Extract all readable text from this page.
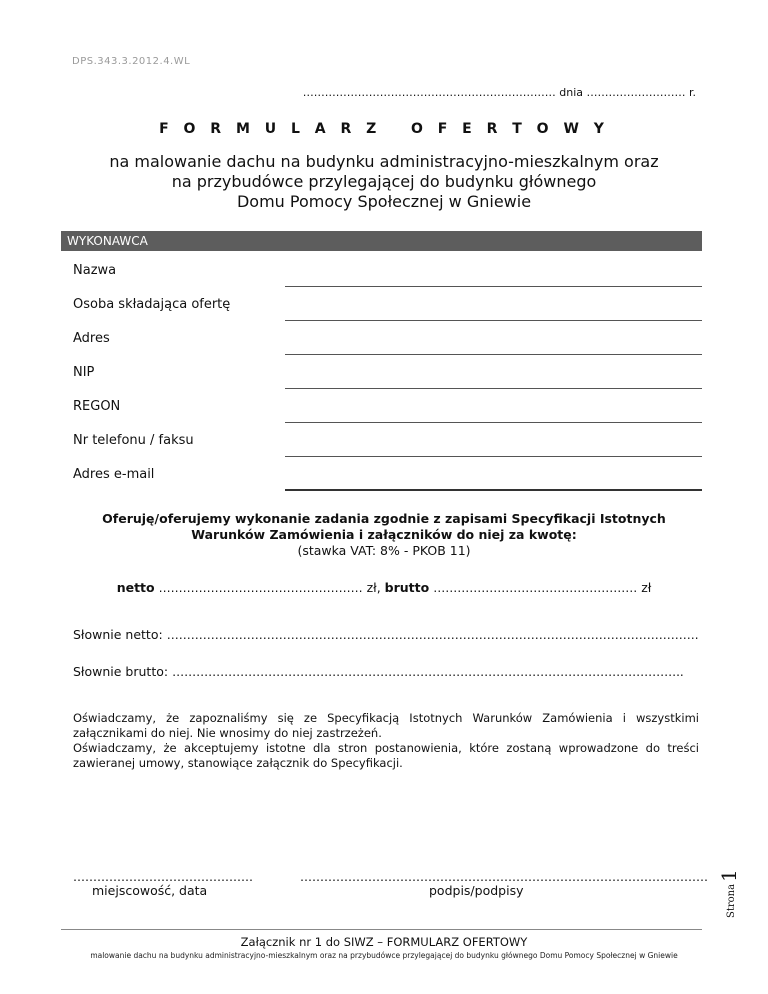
DPS.343.3.2012.4.WL
…………………………………………………………… dnia ……………………… r.
F O R M U L A R Z   O F E R T O W Y
na malowanie dachu na budynku administracyjno-mieszkalnym oraz
na przybudówce przylegającej do budynku głównego
Domu Pomocy Społecznej w Gniewie
WYKONAWCA
Nazwa
Osoba składająca ofertę
Adres
NIP
REGON
Nr telefonu / faksu
Adres e-mail
Oferuję/oferujemy wykonanie zadania zgodnie z zapisami Specyfikacji Istotnych
Warunków Zamówienia i załączników do niej za kwotę:
(stawka VAT: 8% - PKOB 11)
netto …………………………………………… zł, brutto …………………………………………… zł
Słownie netto: …………………………………………………………………………………………………………………….
Słownie brutto: ………………………………………………………………………………………………………………..
Oświadczamy, że zapoznaliśmy się ze Specyfikacją Istotnych Warunków Zamówienia i wszystkimi załącznikami do niej. Nie wnosimy do niej zastrzeżeń.
Oświadczamy, że akceptujemy istotne dla stron postanowienia, które zostaną wprowadzone do treści zawieranej umowy, stanowiące załącznik do Specyfikacji.
………………………………………
miejscowość, data
…………………………………………………………………………………………
podpis/podpisy	Strona
1
Załącznik nr 1 do SIWZ – FORMULARZ OFERTOWY
malowanie dachu na budynku administracyjno-mieszkalnym oraz na przybudówce przylegającej do budynku głównego Domu Pomocy Społecznej w Gniewie
